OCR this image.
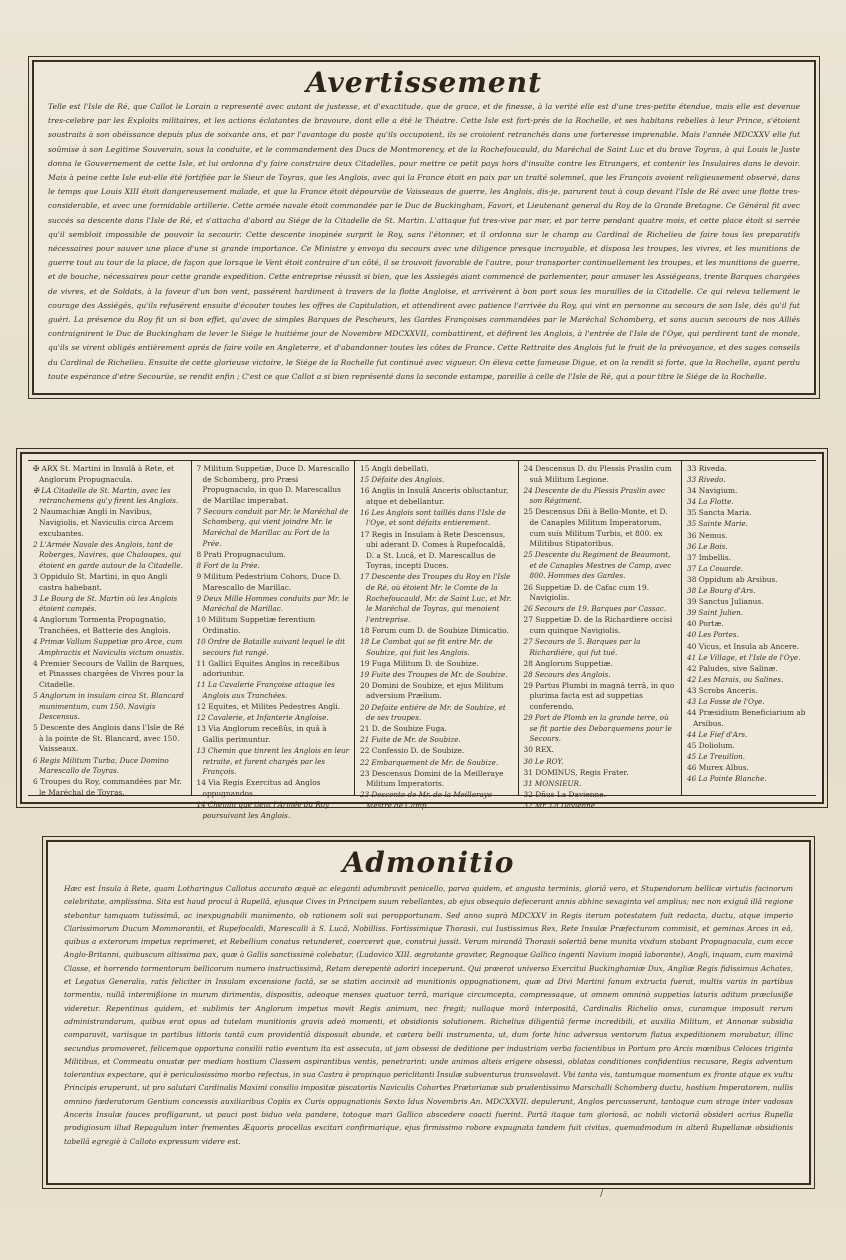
Avertissement
Telle est l'Isle de Ré, que Callot le Lorain a representé avec autant de justesse, et d'exactitude, que de grace, et de finesse, à la verité elle est d'une tres-petite étendue, mais elle est devenue tres-celebre par les Exploits militaires, et les actions éclatantes de bravoure, dont elle a été le Théatre. Cette Isle est fort-prés de la Rochelle, et ses habitans rebelles à leur Prince, s'étoient soustraits à son obéissance depuis plus de soixante ans, et par l'avantage du poste qu'ils occupoient, ils se croioient retranchés dans une forteresse imprenable. Mais l'année MDCXXV elle fut soûmise à son Legitime Souverain, sous la conduite, et le commandement des Ducs de Montmorency, et de la Rochefoucauld, du Maréchal de Saint Luc et du brave Toyras, à qui Louis le Juste donna le Gouvernement de cette Isle, et lui ordonna d'y faire construire deux Citadelles, pour mettre ce petit pays hors d'insulte contre les Etrangers, et contenir les Insulaires dans le devoir. Mais à peine cette Isle eut-elle été fortifiée par le Sieur de Toyras, que les Anglois, avec qui la France étoit en paix par un traité solemnel, que les François avoient religieusement observé, dans le temps que Louis XIII étoit dangereusement malade, et que la France étoit dépourvüe de Vaisseaux de guerre, les Anglois, dis-je, parurent tout à coup devant l'Isle de Ré avec une flotte tres-considerable, et avec une formidable artillerie. Cette armée navale étoit commandée par le Duc de Buckingham, Favori, et Lieutenant general du Roy de la Grande Bretagne. Ce Général fit avec succés sa descente dans l'Isle de Ré, et s'attacha d'abord au Siége de la Citadelle de St. Martin. L'attaque fut tres-vive par mer, et par terre pendant quatre mois, et cette place étoit si serrée qu'il sembloit impossible de pouvoir la secourir. Cette descente inopinée surprit le Roy, sans l'étonner, et il ordonna sur le champ au Cardinal de Richelieu de faire tous les preparatifs nécessaires pour sauver une place d'une si grande importance. Ce Ministre y envoya du secours avec une diligence presque incroyable, et disposa les troupes, les vivres, et les munitions de guerre tout au tour de la place, de façon que lorsque le Vent étoit contraire d'un côté, il se trouvoit favorable de l'autre, pour transporter continuellement les troupes, et les munitions de guerre, et de bouche, nécessaires pour cette grande expedition. Cette entreprise réussit si bien, que les Assiegés aiant commencé de parlementer, pour amuser les Assiégeans, trente Barques chargées de vivres, et de Soldats, à la faveur d'un bon vent, passérent hardiment à travers de la flotte Angloise, et arrivérent à bon port sous les murailles de la Citadelle. Ce qui releva tellement le courage des Assiégés, qu'ils refusérent ensuite d'écouter toutes les offres de Capitulation, et attendirent avec patience l'arrivée du Roy, qui vint en personne au secours de son Isle, dés qu'il fut guéri. La présence du Roy fit un si bon effet, qu'avec de simples Barques de Pescheurs, les Gardes Françoises commandées par le Maréchal Schomberg, et sans aucun secours de nos Alliés contraignirent le Duc de Buckingham de lever le Siége le huitiéme jour de Novembre MDCXXVII, combattirent, et défirent les Anglois, à l'entrée de l'Isle de l'Oye, qui perdirent tant de monde, qu'ils se virent obligés entièrement aprés de faire voile en Angleterre, et d'abandonner toutes les côtes de France. Cette Rettraite des Anglois fut le fruit de la prévoyance, et des sages conseils du Cardinal de Richelieu. Ensuite de cette glorieuse victoire, le Siége de la Rochelle fut continué avec vigueur. On éleva cette fameuse Digue, et on la rendit si forte, que la Rochelle, ayant perdu toute espérance d'etre Secourüe, se rendit enfin ; C'est ce que Callot a si bien représenté dans la seconde estampe, pareille à celle de l'Isle de Ré, qui a pour titre le Siége de la Rochelle.

✠ ARX St. Martini in Insulâ à Rete, et Anglorum Propugnacula.

✠ LA Citadelle de St. Martin, avec les retranchemens qu'y firent les Anglois.

2 Naumachiæ Angli in Navibus, Navigiolis, et Naviculis circa Arcem excubantes.

2 L'Armée Navale des Anglois, tant de Roberges, Navires, que Chaloupes, qui étoient en garde autour de la Citadelle.

3 Oppidulo St. Martini, in quo Angli castra habebant.

3 Le Bourg de St. Martin où les Anglois étoient campés.

4 Anglorum Tormenta Propugnatio, Tranchées, et Batterie des Anglois.

4 Primæ Vallum Suppetiæ pro Arce, cum Amphractis et Naviculis victum onustis.

4 Premier Secours de Vallin de Barques, et Pinasses chargées de Vivres pour la Citadelle.

5 Anglorum in insulam circa St. Blancard munimentum, cum 150. Navigis Descensus.

5 Descente des Anglois dans l'Isle de Ré à la pointe de St. Blancard, avec 150. Vaisseaux.

6 Regis Militum Turba, Duce Domino Marescallo de Toyras.

6 Troupes du Roy, commandées par Mr. le Maréchal de Toyras.

7 Militum Suppetiæ, Duce D. Marescallo de Schomberg, pro Præsi Propugnaculo, in quo D. Marescallus de Marillac imperabat.

7 Secours conduit par Mr. le Maréchal de Schomberg, qui vient joindre Mr. le Maréchal de Marillac au Fort de la Prée.

8 Prati Propugnaculum.

8 Fort de la Prée.

9 Militum Pedestrium Cohors, Duce D. Marescallo de Marillac.

9 Deux Mille Hommes conduits par Mr. le Maréchal de Marillac.

10 Militum Suppetiæ ferentium Ordinatio.

10 Ordre de Bataille suivant lequel le dit secours fut rangé.

11 Gallici Equites Anglos in receßibus adoriuntur.

11 La Cavalerie Françoise attaque les Anglois aux Tranchées.

12 Equites, et Milites Pedestres Angli.

12 Cavalerie, et Infanterie Angloise.

13 Via Anglorum receßûs, in quâ à Gallis perimuntur.

13 Chemin que tinrent les Anglois en leur retraite, et furent chargés par les François.

14 Via Regis Exercitus ad Anglos oppugnandos.

14 Chemin que tient l'Armée du Roy poursuivant les Anglois.

15 Angli debellati.

15 Défaite des Anglois.

16 Anglis in Insulâ Anceris obluctantur, atque et debellantur.

16 Les Anglois sont taillés dans l'Isle de l'Oye, et sont défaits entierement.

17 Regis in Insulam à Rete Descensus, ubi aderant D. Comes à Rupefocaldâ, D. a St. Lucâ, et D. Marescallus de Toyras, incepti Duces.

17 Descente des Troupes du Roy en l'Isle de Ré, où étoient Mr. le Comte de la Rochefoucauld, Mr. de Saint Luc, et Mr. le Maréchal de Toyras, qui menoient l'entreprise.

18 Forum cum D. de Soubize Dimicatio.

18 Le Combat qui se fit entre Mr. de Soubize, qui fuit les Anglois.

19 Fuga Militum D. de Soubize.

19 Fuite des Troupes de Mr. de Soubize.

20 Domini de Soubize, et ejus Militum adversium Prælium.

20 Defaite entiére de Mr. de Soubize, et de ses troupes.

21 D. de Soubize Fuga.

21 Fuite de Mr. de Soubize.

22 Confessio D. de Soubize.

22 Embarquement de Mr. de Soubize.

23 Descensus Domini de la Meilleraye Militum Imperatoris.

23 Descente de Mr. de la Meilleraye Mestre de Camp.

24 Descensus D. du Plessis Praslin cum suâ Militum Legione.

24 Descente de du Plessis Praslin avec son Régiment.

25 Descensus Dñi à Bello-Monte, et D. de Canaples Militum Imperatorum, cum suis Militum Turbis, et 800. ex Militibus Stipatoribus.

25 Descente du Regiment de Beaumont, et de Canaples Mestres de Camp, avec 800. Hommes des Gardes.

26 Suppetiæ D. de Cafac cum 19. Navigiolis.

26 Secours de 19. Barques par Cassac.

27 Suppetiæ D. de la Richardiere occisi cum quinque Navigiolis.

27 Secours de 5. Barques par la Richardiére, qui fut tué.

28 Anglorum Suppetiæ.

28 Secours des Anglois.

29 Partus Plumbi in magnâ terrâ, in quo plurima facta est ad suppetias conferendo.

29 Port de Plomb en la grande terre, où se fit partie des Debarquemens pour le Secours.

30 REX.

30 Le ROY.

31 DOMINUS, Regis Frater.

31 MONSIEUR.

32 Dñus La Davienne.

32 Mr. La Davienne.

33 Riveda.

33 Rivedo.

34 Navigium.

34 La Flotte.

35 Sancta Maria.

35 Sainte Marie.

36 Nemus.

36 Le Bois.

37 Imbellis.

37 La Couarde.

38 Oppidum ab Arsibus.

38 Le Bourg d'Ars.

39 Sanctus Julianus.

39 Saint Julien.

40 Portæ.

40 Les Portes.

40 Vicus, et Insula ab Ancere.

41 Le Village, et l'Isle de l'Oye.

42 Paludes, sive Salinæ.

42 Les Marais, ou Salines.

43 Scrobs Anceris.

43 La Fosse de l'Oye.

44 Præsidium Beneficiarium ab Arsibus.

44 Le Fief d'Ars.

45 Doliolum.

45 Le Treuillon.

46 Murex Albus.

46 La Pointe Blanche.

Admonitio
Hæc est Insula à Rete, quam Lotharingus Callotus accurato æquè ac eleganti adumbravit penicello, parva quidem, et angusta terminis, gloriâ vero, et Stupendorum bellicæ virtutis facinorum celebritate, amplissima. Sita est haud procul à Rupellâ, ejusque Cives in Principem suum rebellantes, ab ejus obsequio defecerant annis abhinc sexaginta vel amplius; nec non exiguâ illâ regione stebantur tamquam tutissimâ, ac inexpugnabili munimento, ob rationem soli sui peropportunam. Sed anno suprà MDCXXV in Regis iterum potestatem fuit redacta, ductu, atque imperio Clarissimorum Ducum Mommorantii, et Rupefocaldi, Marescalli à S. Lucâ, Nobilliss. Fortissimique Thorasii, cui Iustissimus Rex, Rete Insulæ Præfecturam commisit, et geminas Arces in eâ, quibus a exterorum impetus reprimeret, et Rebellium conatus retunderet, coerceret que, construi jussit. Verum mirandâ Thorasii solertiâ bene munita vixdum stabant Propugnacula, cum ecce Anglo-Britanni, quibuscum altissima pax, quæ à Gallis sanctissimè colebatur, (Ludovico XIII. ægrotante graviter, Regnoque Gallico ingenti Navium inopiâ laborante), Angli, inquam, cum maximâ Classe, et horrendo tormentorum bellicorum numero instructissimâ, Retam derepentè adoriri inceperunt. Qui præerat universo Exercitui Buckinghamiæ Dux, Angliæ Regis fidissimus Achates, et Legatus Generalis, ratis feliciter in Insulam excensione factâ, se se statim accinxit ad munitionis oppugnationem, quæ ad Divi Martini fanum extructa fuerat, multis variis in partibus tormentis, nullâ intermißione in murum dirimentis, dispositis, adeoque menses quatuor terrâ, marique circumcepta, compressaque, ut omnem omninò suppetias laturis aditum præclusiße videretur. Repentinus quidem, et sublimis ter Anglorum impetus movit Regis animum, nec fregit; nullaque morâ interpositâ, Cardinalis Richelio onus, curamque imposuit rerum administrandarum, quibus erat opus ad tutelam munitionis gravis adeò momenti, et obsidionis solutionem. Richelius diligentiâ ferme incredibili, et auxilia Militum, et Annonæ subsidia comparavit, variisque in partibus littoris tantâ cum providentiâ disposuit abunde, et cætera belli instrumenta, ut, dum forte hinc adversus ventorum flatus expeditionem morabatur, illinc secundus promoveret, felicemque opportuna consilii ratio eventum ita est assecuta, ut jam obsessi de deditione per industriam verba facientibus in Portum pro Arcis mœnibus Celoces triginta Militibus, et Commeatu onustæ per mediam hostium Classem aspirantibus ventis, penetrarint: unde animos alteis erigere obsessi, oblatas conditiones confidentius recusare, Regis adventum tolerantius expectare, qui è periculosissimo morbo refectus, in sua Castra è propinquo periclitanti Insulæ subventurus transvolavit. Vbi tanta vis, tantumque momentum ex fronte atque ex vultu Principis eruperunt, ut pro salutari Cardinalis Maximi consilio impositæ piscatoriis Naviculis Cohortes Prætorianæ sub prudentissimo Marschalli Schomberg ductu, hostium Imperatorem, nullis omnino fœderatorum Gentium concessis auxiliaribus Copiis ex Curis oppugnationis Sexto Idus Novembris An. MDCXXVII. depulerunt, Anglos percusserunt, tantaque cum strage inter vadosas Anceris Insulæ fauces profligarunt, ut pauci post biduo vela pandere, totoque mari Gallico abscedere coacti fuerint. Partâ itaque tam gloriosâ, ac nobili victoriâ obsideri acrius Rupella prodigiosum illud Repagulum inter frementes Æquoris procellas excitari confirmarique, ejus firmissimo robore expugnata tandem fuit civitas, quemadmodum in alterâ Rupellanæ obsidionis tabellâ egregiè à Calloto expressum videre est.
/
